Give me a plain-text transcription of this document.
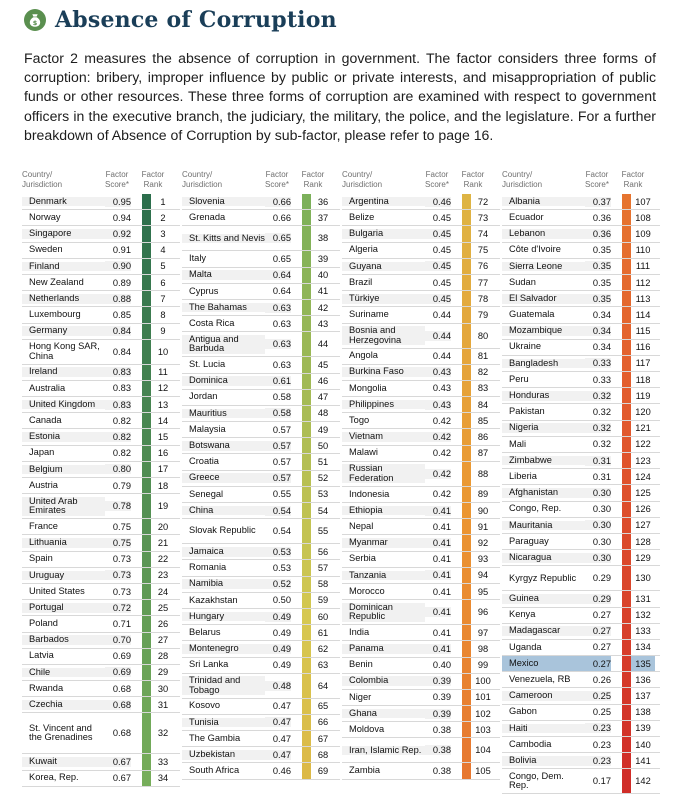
$ Absence of Corruption

Factor 2 measures the absence of corruption in government. The factor considers three forms of corruption: bribery, improper influence by public or private interests, and misappropriation of public funds or other resources. These three forms of corruption are examined with respect to government officers in the executive branch, the judiciary, the military, the police, and the legislature. For a further breakdown of Absence of Corruption by sub-factor, please refer to page 16.

Country/
Jurisdiction
Factor
Score*
Factor
Rank
Denmark	0.95	1
Norway	0.94	2
Singapore	0.92	3
Sweden	0.91	4
Finland	0.90	5
New Zealand	0.89	6
Netherlands	0.88	7
Luxembourg	0.85	8
Germany	0.84	9
Hong Kong SAR, China	0.84	10
Ireland	0.83	11
Australia	0.83	12
United Kingdom	0.83	13
Canada	0.82	14
Estonia	0.82	15
Japan	0.82	16
Belgium	0.80	17
Austria	0.79	18
United Arab Emirates	0.78	19
France	0.75	20
Lithuania	0.75	21
Spain	0.73	22
Uruguay	0.73	23
United States	0.73	24
Portugal	0.72	25
Poland	0.71	26
Barbados	0.70	27
Latvia	0.69	28
Chile	0.69	29
Rwanda	0.68	30
Czechia	0.68	31
St. Vincent and the Grenadines	0.68	32
Kuwait	0.67	33
Korea, Rep.	0.67	34
Country/
Jurisdiction
Factor
Score*
Factor
Rank
Slovenia	0.66	36
Grenada	0.66	37
St. Kitts and Nevis 0.65	38
Italy	0.65	39
Malta	0.64	40
Cyprus	0.64	41
The Bahamas	0.63	42
Costa Rica	0.63	43
Antigua and Barbuda	0.63	44
St. Lucia	0.63	45
Dominica	0.61	46
Jordan	0.58	47
Mauritius	0.58	48
Malaysia	0.57	49
Botswana	0.57	50
Croatia	0.57	51
Greece	0.57	52
Senegal	0.55	53
China	0.54	54
Slovak Republic	0.54	55
Jamaica	0.53	56
Romania	0.53	57
Namibia	0.52	58
Kazakhstan	0.50	59
Hungary	0.49	60
Belarus	0.49	61
Montenegro	0.49	62
Sri Lanka	0.49	63
Trinidad and Tobago	0.48	64
Kosovo	0.47	65
Tunisia	0.47	66
The Gambia	0.47	67
Uzbekistan	0.47	68
South Africa	0.46	69
Country/
Jurisdiction
Factor
Score*
Factor
Rank
Argentina	0.46	72
Belize	0.45	73
Bulgaria	0.45	74
Algeria	0.45	75
Guyana	0.45	76
Brazil	0.45	77
Türkiye	0.45	78
Suriname	0.44	79
Bosnia and Herzegovina	0.44	80
Angola	0.44	81
Burkina Faso	0.43	82
Mongolia	0.43	83
Philippines	0.43	84
Togo	0.42	85
Vietnam	0.42	86
Malawi	0.42	87
Russian Federation	0.42	88
Indonesia	0.42	89
Ethiopia	0.41	90
Nepal	0.41	91
Myanmar	0.41	92
Serbia	0.41	93
Tanzania	0.41	94
Morocco	0.41	95
Dominican Republic	0.41	96
India	0.41	97
Panama	0.41	98
Benin	0.40	99
Colombia	0.39	100
Niger	0.39	101
Ghana	0.39	102
Moldova	0.38	103
Iran, Islamic Rep.	0.38	104
Zambia	0.38	105
Country/
Jurisdiction
Factor
Score*
Factor
Rank
Albania	0.37	107
Ecuador	0.36	108
Lebanon	0.36	109
Côte d'Ivoire	0.35	110
Sierra Leone	0.35	111
Sudan	0.35	112
El Salvador	0.35	113
Guatemala	0.34	114
Mozambique	0.34	115
Ukraine	0.34	116
Bangladesh	0.33	117
Peru	0.33	118
Honduras	0.32	119
Pakistan	0.32	120
Nigeria	0.32	121
Mali	0.32	122
Zimbabwe	0.31	123
Liberia	0.31	124
Afghanistan	0.30	125
Congo, Rep.	0.30	126
Mauritania	0.30	127
Paraguay	0.30	128
Nicaragua	0.30	129
Kyrgyz Republic	0.29	130
Guinea	0.29	131
Kenya	0.27	132
Madagascar	0.27	133
Uganda	0.27	134
Mexico	0.27	135
Venezuela, RB	0.26	136
Cameroon	0.25	137
Gabon	0.25	138
Haiti	0.23	139
Cambodia	0.23	140
Bolivia	0.23	141
Congo, Dem. Rep.	0.17	142
